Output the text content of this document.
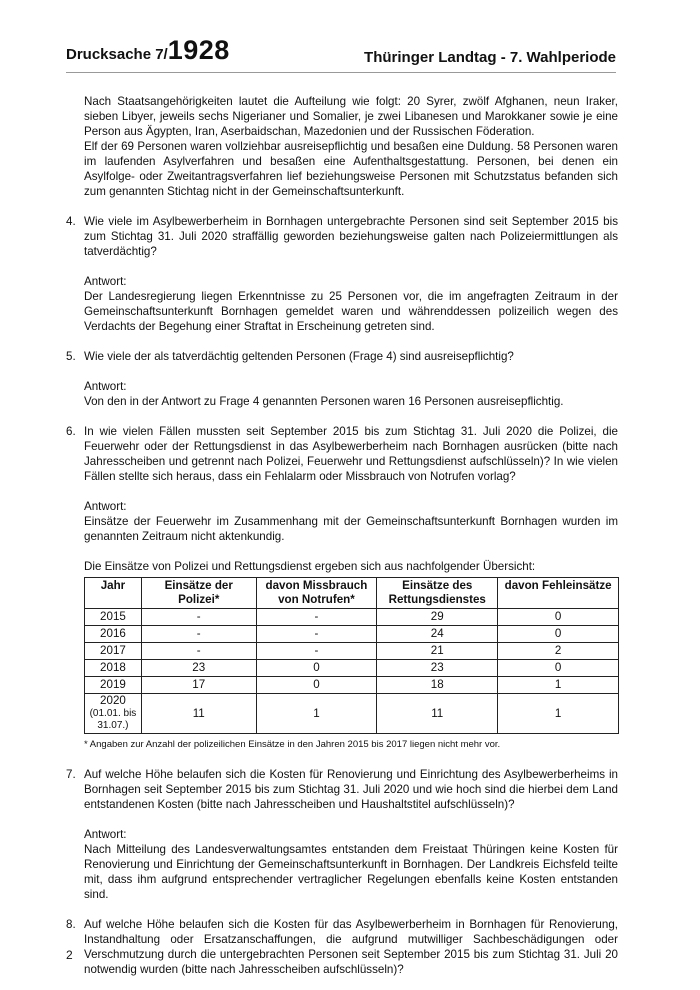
Drucksache 7/1928	Thüringer Landtag - 7. Wahlperiode

Nach Staatsangehörigkeiten lautet die Aufteilung wie folgt: 20 Syrer, zwölf Afghanen, neun Iraker, sieben Libyer, jeweils sechs Nigerianer und Somalier, je zwei Libanesen und Marokkaner sowie je eine Person aus Ägypten, Iran, Aserbaidschan, Mazedonien und der Russischen Föderation.

Elf der 69 Personen waren vollziehbar ausreisepflichtig und besaßen eine Duldung. 58 Personen waren im laufenden Asylverfahren und besaßen eine Aufenthaltsgestattung. Personen, bei denen ein Asylfolge- oder Zweitantragsverfahren lief beziehungsweise Personen mit Schutzstatus befanden sich zum genannten Stichtag nicht in der Gemeinschaftsunterkunft.

4. Wie viele im Asylbewerberheim in Bornhagen untergebrachte Personen sind seit September 2015 bis zum Stichtag 31. Juli 2020 straffällig geworden beziehungsweise galten nach Polizeiermittlungen als tatverdächtig?

Antwort:

Der Landesregierung liegen Erkenntnisse zu 25 Personen vor, die im angefragten Zeitraum in der Gemeinschaftsunterkunft Bornhagen gemeldet waren und währenddessen polizeilich wegen des Verdachts der Begehung einer Straftat in Erscheinung getreten sind.

5. Wie viele der als tatverdächtig geltenden Personen (Frage 4) sind ausreisepflichtig?

Antwort:

Von den in der Antwort zu Frage 4 genannten Personen waren 16 Personen ausreisepflichtig.

6. In wie vielen Fällen mussten seit September 2015 bis zum Stichtag 31. Juli 2020 die Polizei, die Feuerwehr oder der Rettungsdienst in das Asylbewerberheim nach Bornhagen ausrücken (bitte nach Jahresscheiben und getrennt nach Polizei, Feuerwehr und Rettungsdienst aufschlüsseln)? In wie vielen Fällen stellte sich heraus, dass ein Fehlalarm oder Missbrauch von Notrufen vorlag?

Antwort:

Einsätze der Feuerwehr im Zusammenhang mit der Gemeinschaftsunterkunft Bornhagen wurden im genannten Zeitraum nicht aktenkundig.

Die Einsätze von Polizei und Rettungsdienst ergeben sich aus nachfolgender Übersicht:

Jahr	Einsätze der Polizei*	davon Missbrauch von Notrufen*	Einsätze des Rettungsdienstes	davon Fehleinsätze
2015	-	-	29	0
2016	-	-	24	0
2017	-	-	21	2
2018	23	0	23	0
2019	17	0	18	1
2020
(01.01. bis 31.07.)	11	1	11	1

* Angaben zur Anzahl der polizeilichen Einsätze in den Jahren 2015 bis 2017 liegen nicht mehr vor.

7. Auf welche Höhe belaufen sich die Kosten für Renovierung und Einrichtung des Asylbewerberheims in Bornhagen seit September 2015 bis zum Stichtag 31. Juli 2020 und wie hoch sind die hierbei dem Land entstandenen Kosten (bitte nach Jahresscheiben und Haushaltstitel aufschlüsseln)?

Antwort:

Nach Mitteilung des Landesverwaltungsamtes entstanden dem Freistaat Thüringen keine Kosten für Renovierung und Einrichtung der Gemeinschaftsunterkunft in Bornhagen. Der Landkreis Eichsfeld teilte mit, dass ihm aufgrund entsprechender vertraglicher Regelungen ebenfalls keine Kosten entstanden sind.

8. Auf welche Höhe belaufen sich die Kosten für das Asylbewerberheim in Bornhagen für Renovierung, Instandhaltung oder Ersatzanschaffungen, die aufgrund mutwilliger Sachbeschädigungen oder Verschmutzung durch die untergebrachten Personen seit September 2015 bis zum Stichtag 31. Juli 20 notwendig wurden (bitte nach Jahresscheiben aufschlüsseln)?

2
